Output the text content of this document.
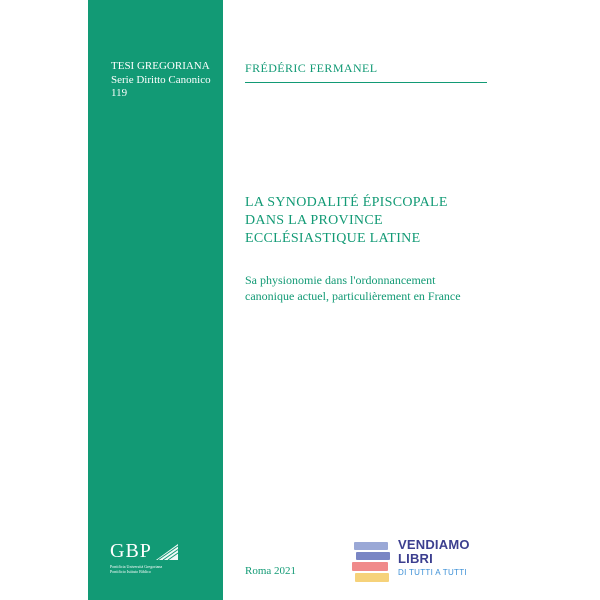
TESI GREGORIANA
Serie Diritto Canonico
119
FRÉDÉRIC FERMANEL
LA SYNODALITÉ ÉPISCOPALE
DANS LA PROVINCE
ECCLÉSIASTIQUE LATINE
Sa physionomie dans l'ordonnancement
canonique actuel, particulièrement en France
GBP
Pontificia Università Gregoriana
Pontificio Istituto Biblico	Roma 2021
VENDIAMO
LIBRI
DI TUTTI A TUTTI
